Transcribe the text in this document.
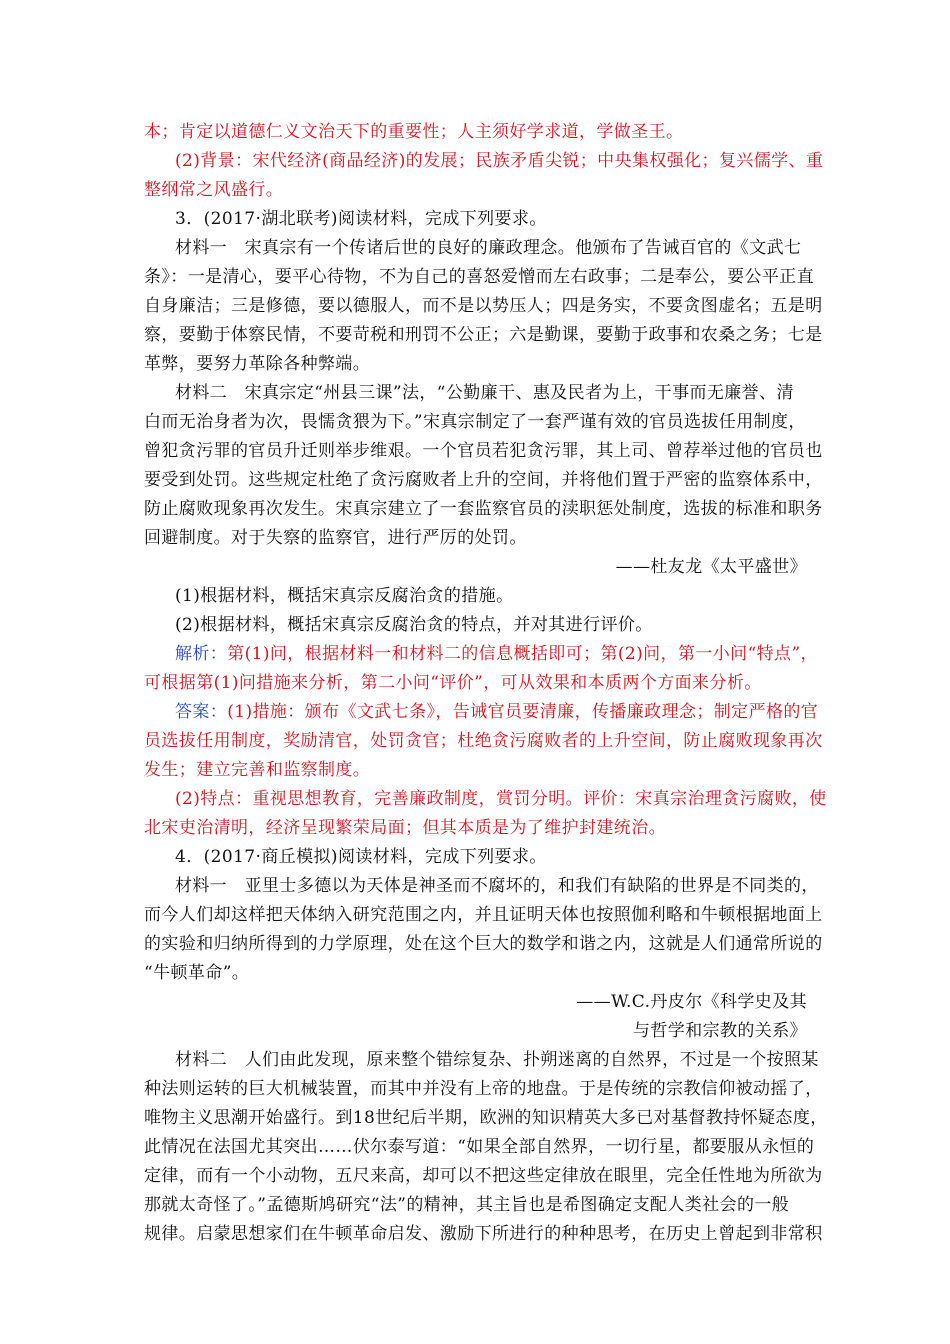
本；肯定以道德仁义文治天下的重要性；人主须好学求道，学做圣王。
(2)背景：宋代经济(商品经济)的发展；民族矛盾尖锐；中央集权强化；复兴儒学、重
整纲常之风盛行。
3．(2017·湖北联考)阅读材料，完成下列要求。
材料一　宋真宗有一个传诸后世的良好的廉政理念。他颁布了告诫百官的《文武七
条》：一是清心，要平心待物，不为自己的喜怒爱憎而左右政事；二是奉公，要公平正直
自身廉洁；三是修德，要以德服人，而不是以势压人；四是务实，不要贪图虚名；五是明
察，要勤于体察民情，不要苛税和刑罚不公正；六是勤课，要勤于政事和农桑之务；七是
革弊，要努力革除各种弊端。
材料二　宋真宗定“州县三课”法，“公勤廉干、惠及民者为上，干事而无廉誉、清
白而无治身者为次，畏懦贪猥为下。”宋真宗制定了一套严谨有效的官员选拔任用制度，
曾犯贪污罪的官员升迁则举步维艰。一个官员若犯贪污罪，其上司、曾荐举过他的官员也
要受到处罚。这些规定杜绝了贪污腐败者上升的空间，并将他们置于严密的监察体系中，
防止腐败现象再次发生。宋真宗建立了一套监察官员的渎职惩处制度，选拔的标准和职务
回避制度。对于失察的监察官，进行严厉的处罚。
——杜友龙《太平盛世》
(1)根据材料，概括宋真宗反腐治贪的措施。
(2)根据材料，概括宋真宗反腐治贪的特点，并对其进行评价。
解析：第(1)问，根据材料一和材料二的信息概括即可；第(2)问，第一小问“特点”，
可根据第(1)问措施来分析，第二小问“评价”，可从效果和本质两个方面来分析。
答案：(1)措施：颁布《文武七条》，告诫官员要清廉，传播廉政理念；制定严格的官
员选拔任用制度，奖励清官，处罚贪官；杜绝贪污腐败者的上升空间，防止腐败现象再次
发生；建立完善和监察制度。
(2)特点：重视思想教育，完善廉政制度，赏罚分明。评价：宋真宗治理贪污腐败，使
北宋吏治清明，经济呈现繁荣局面；但其本质是为了维护封建统治。
4．(2017·商丘模拟)阅读材料，完成下列要求。
材料一　亚里士多德以为天体是神圣而不腐坏的，和我们有缺陷的世界是不同类的，
而今人们却这样把天体纳入研究范围之内，并且证明天体也按照伽利略和牛顿根据地面上
的实验和归纳所得到的力学原理，处在这个巨大的数学和谐之内，这就是人们通常所说的
“牛顿革命”。
——W.C.丹皮尔《科学史及其
与哲学和宗教的关系》
材料二　人们由此发现，原来整个错综复杂、扑朔迷离的自然界，不过是一个按照某
种法则运转的巨大机械装置，而其中并没有上帝的地盘。于是传统的宗教信仰被动摇了，
唯物主义思潮开始盛行。到18世纪后半期，欧洲的知识精英大多已对基督教持怀疑态度，
此情况在法国尤其突出……伏尔泰写道：“如果全部自然界，一切行星，都要服从永恒的
定律，而有一个小动物，五尺来高，却可以不把这些定律放在眼里，完全任性地为所欲为
那就太奇怪了。”孟德斯鸠研究“法”的精神，其主旨也是希图确定支配人类社会的一般
规律。启蒙思想家们在牛顿革命启发、激励下所进行的种种思考，在历史上曾起到非常积
